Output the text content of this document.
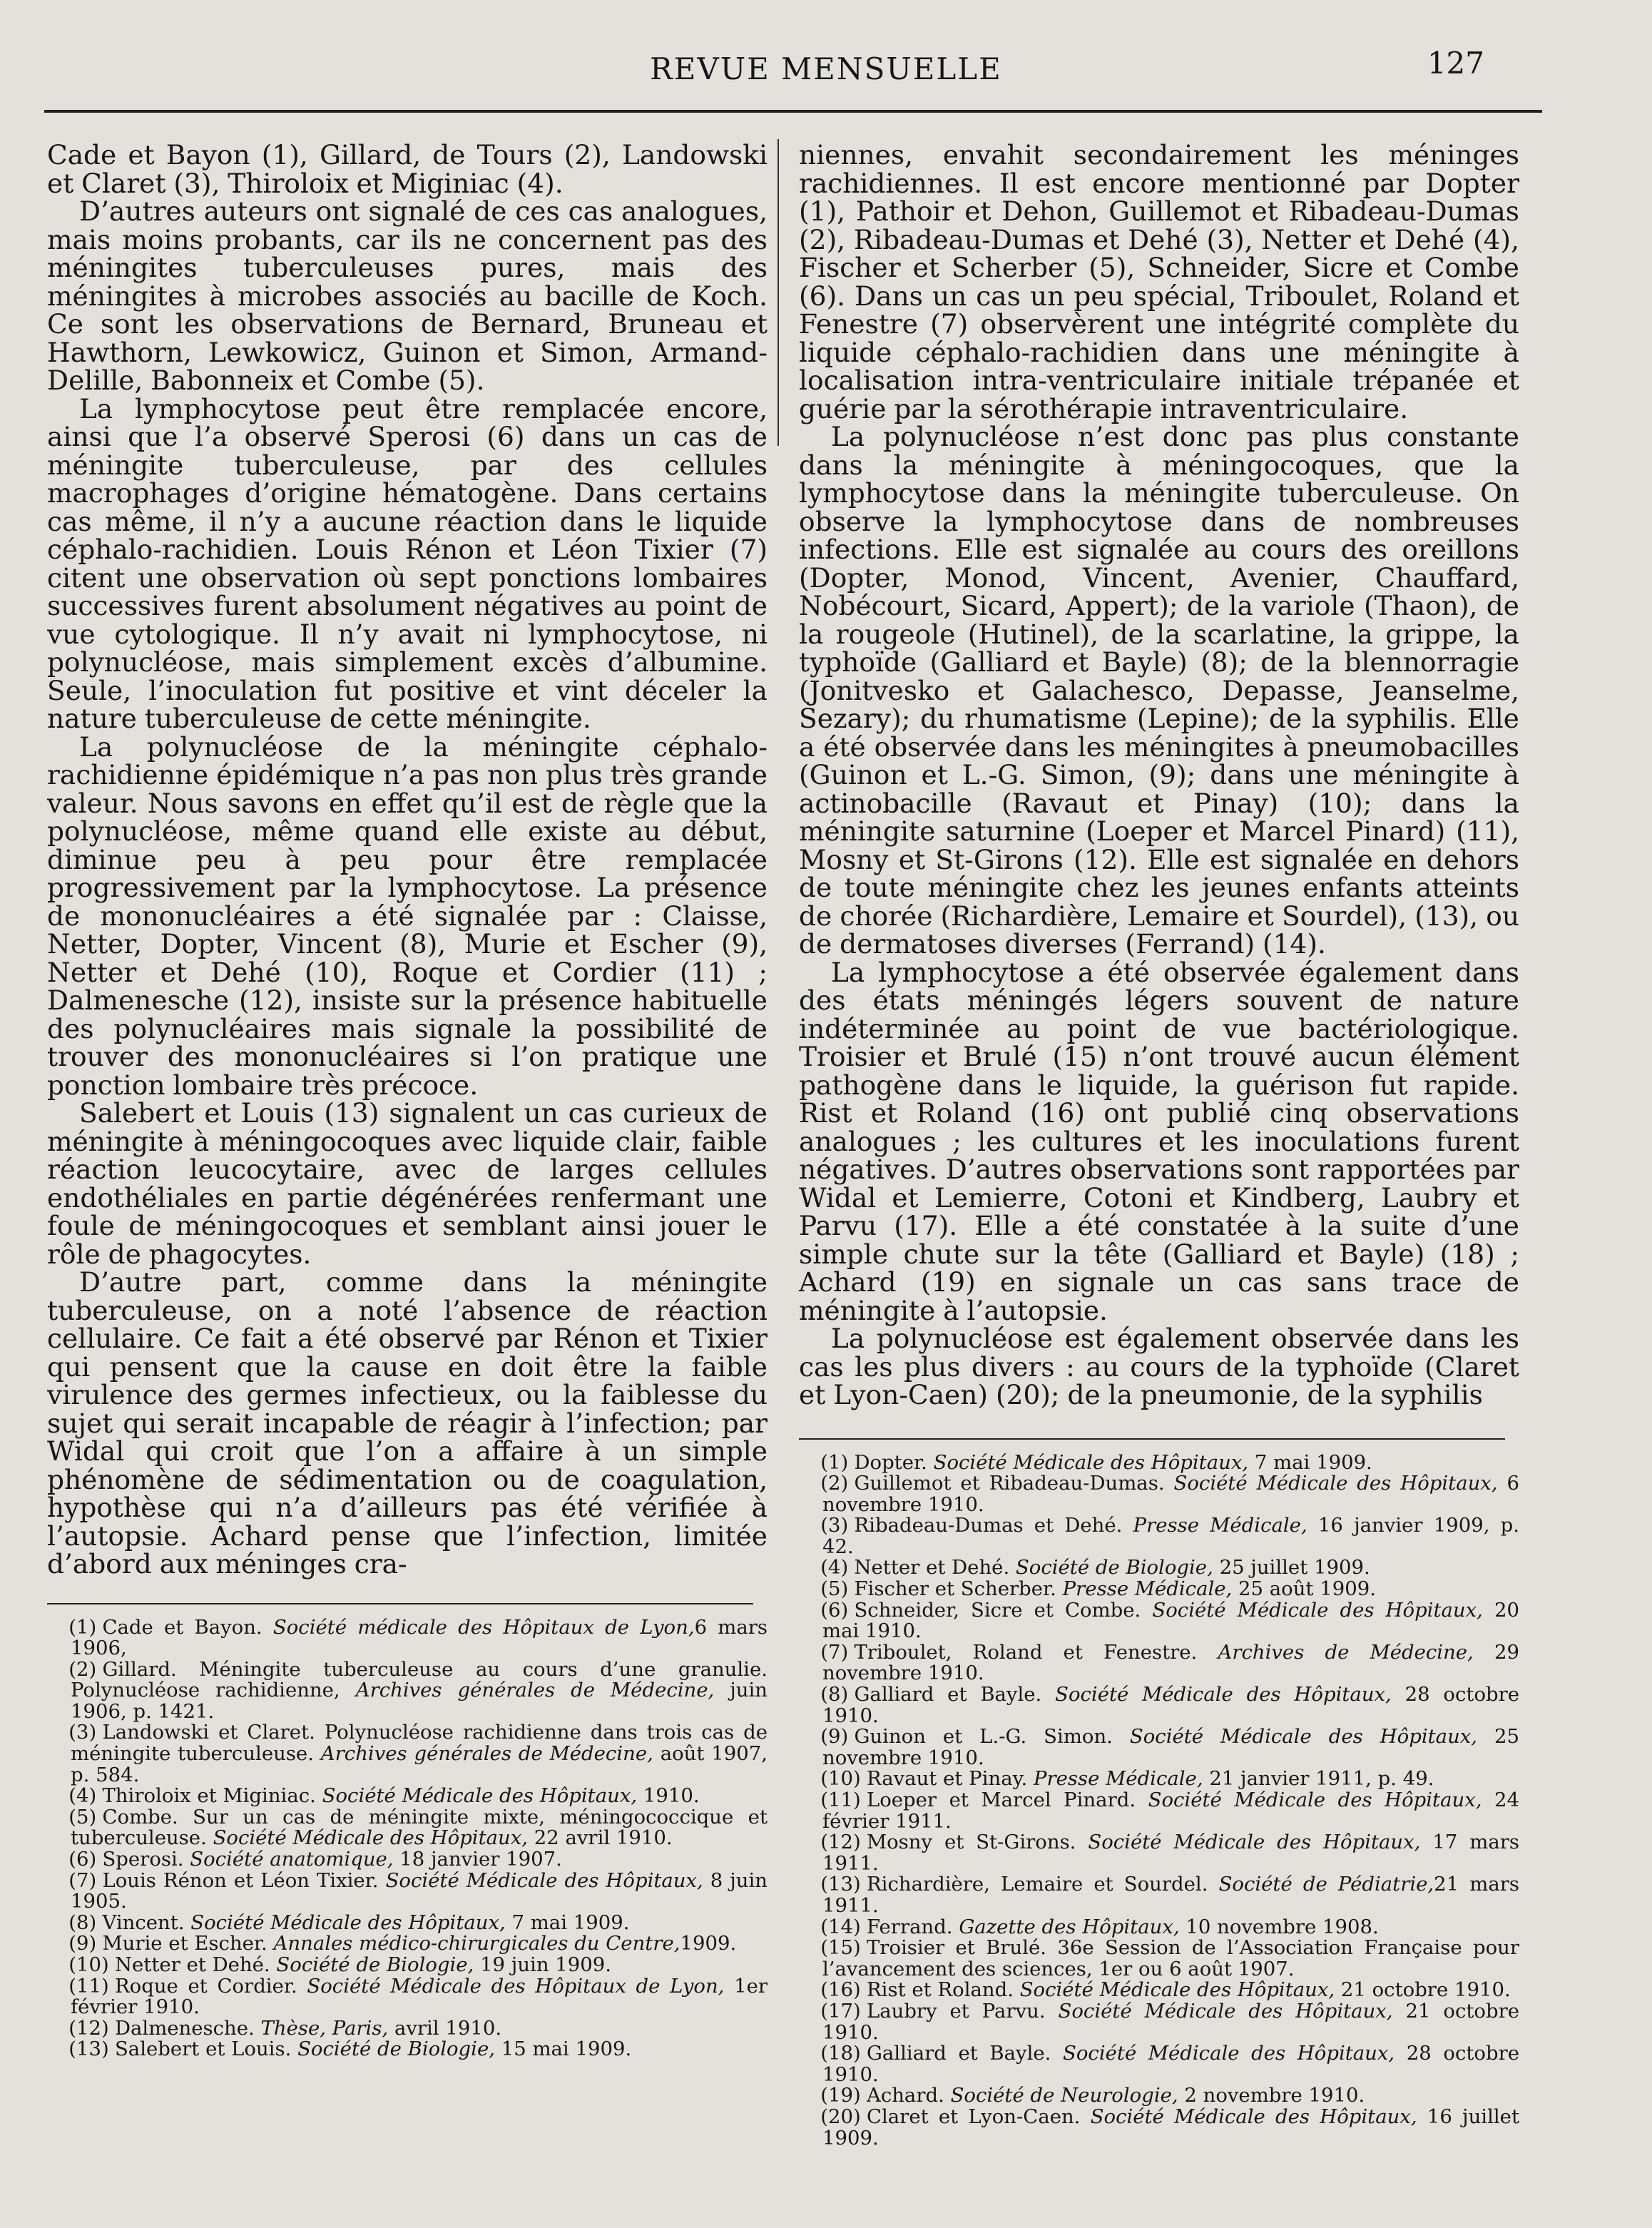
REVUE MENSUELLE	127

Cade et Bayon (1), Gillard, de Tours (2), Landowski et Claret (3), Thiroloix et Miginiac (4).

D’autres auteurs ont signalé de ces cas analogues, mais moins probants, car ils ne concernent pas des méningites tuberculeuses pures, mais des méningites à microbes associés au bacille de Koch. Ce sont les observations de Bernard, Bruneau et Hawthorn, Lewkowicz, Guinon et Simon, Armand-Delille, Babonneix et Combe (5).

La lymphocytose peut être remplacée encore, ainsi que l’a observé Sperosi (6) dans un cas de méningite tuberculeuse, par des cellules macrophages d’origine hématogène. Dans certains cas même, il n’y a aucune réaction dans le liquide céphalo-rachidien. Louis Rénon et Léon Tixier (7) citent une observation où sept ponctions lombaires successives furent absolument négatives au point de vue cytologique. Il n’y avait ni lymphocytose, ni polynucléose, mais simplement excès d’albumine. Seule, l’inoculation fut positive et vint déceler la nature tuberculeuse de cette méningite.

La polynucléose de la méningite céphalo-rachidienne épidémique n’a pas non plus très grande valeur. Nous savons en effet qu’il est de règle que la polynucléose, même quand elle existe au début, diminue peu à peu pour être remplacée progressivement par la lymphocytose. La présence de mononucléaires a été signalée par : Claisse, Netter, Dopter, Vincent (8), Murie et Escher (9), Netter et Dehé (10), Roque et Cordier (11) ; Dalmenesche (12), insiste sur la présence habituelle des polynucléaires mais signale la possibilité de trouver des mononucléaires si l’on pratique une ponction lombaire très précoce.

Salebert et Louis (13) signalent un cas curieux de méningite à méningocoques avec liquide clair, faible réaction leucocytaire, avec de larges cellules endothéliales en partie dégénérées renfermant une foule de méningocoques et semblant ainsi jouer le rôle de phagocytes.

D’autre part, comme dans la méningite tuberculeuse, on a noté l’absence de réaction cellulaire. Ce fait a été observé par Rénon et Tixier qui pensent que la cause en doit être la faible virulence des germes infectieux, ou la faiblesse du sujet qui serait incapable de réagir à l’infection; par Widal qui croit que l’on a affaire à un simple phénomène de sédimentation ou de coagulation, hypothèse qui n’a d’ailleurs pas été vérifiée à l’autopsie. Achard pense que l’infection, limitée d’abord aux méninges cra-

(1) Cade et Bayon. Société médicale des Hôpitaux de Lyon,6 mars 1906,
(2) Gillard. Méningite tuberculeuse au cours d’une granulie. Polynucléose rachidienne, Archives générales de Médecine, juin 1906, p. 1421.
(3) Landowski et Claret. Polynucléose rachidienne dans trois cas de méningite tuberculeuse. Archives générales de Médecine, août 1907, p. 584.
(4) Thiroloix et Miginiac. Société Médicale des Hôpitaux, 1910.
(5) Combe. Sur un cas de méningite mixte, méningococcique et tuberculeuse. Société Médicale des Hôpitaux, 22 avril 1910.
(6) Sperosi. Société anatomique, 18 janvier 1907.
(7) Louis Rénon et Léon Tixier. Société Médicale des Hôpitaux, 8 juin 1905.
(8) Vincent. Société Médicale des Hôpitaux, 7 mai 1909.
(9) Murie et Escher. Annales médico-chirurgicales du Centre,1909.
(10) Netter et Dehé. Société de Biologie, 19 juin 1909.
(11) Roque et Cordier. Société Médicale des Hôpitaux de Lyon, 1er février 1910.
(12) Dalmenesche. Thèse, Paris, avril 1910.
(13) Salebert et Louis. Société de Biologie, 15 mai 1909.

niennes, envahit secondairement les méninges rachidiennes. Il est encore mentionné par Dopter (1), Pathoir et Dehon, Guillemot et Ribadeau-Dumas (2), Ribadeau-Dumas et Dehé (3), Netter et Dehé (4), Fischer et Scherber (5), Schneider, Sicre et Combe (6). Dans un cas un peu spécial, Triboulet, Roland et Fenestre (7) observèrent une intégrité complète du liquide céphalo-rachidien dans une méningite à localisation intra-ventriculaire initiale trépanée et guérie par la sérothérapie intraventriculaire.

La polynucléose n’est donc pas plus constante dans la méningite à méningocoques, que la lymphocytose dans la méningite tuberculeuse. On observe la lymphocytose dans de nombreuses infections. Elle est signalée au cours des oreillons (Dopter, Monod, Vincent, Avenier, Chauffard, Nobécourt, Sicard, Appert); de la variole (Thaon), de la rougeole (Hutinel), de la scarlatine, la grippe, la typhoïde (Galliard et Bayle) (8); de la blennorragie (Jonitvesko et Galachesco, Depasse, Jeanselme, Sezary); du rhumatisme (Lepine); de la syphilis. Elle a été observée dans les méningites à pneumobacilles (Guinon et L.-G. Simon, (9); dans une méningite à actinobacille (Ravaut et Pinay) (10); dans la méningite saturnine (Loeper et Marcel Pinard) (11), Mosny et St-Girons (12). Elle est signalée en dehors de toute méningite chez les jeunes enfants atteints de chorée (Richardière, Lemaire et Sourdel), (13), ou de dermatoses diverses (Ferrand) (14).

La lymphocytose a été observée également dans des états méningés légers souvent de nature indéterminée au point de vue bactériologique. Troisier et Brulé (15) n’ont trouvé aucun élément pathogène dans le liquide, la guérison fut rapide. Rist et Roland (16) ont publié cinq observations analogues ; les cultures et les inoculations furent négatives. D’autres observations sont rapportées par Widal et Lemierre, Cotoni et Kindberg, Laubry et Parvu (17). Elle a été constatée à la suite d’une simple chute sur la tête (Galliard et Bayle) (18) ; Achard (19) en signale un cas sans trace de méningite à l’autopsie.

La polynucléose est également observée dans les cas les plus divers : au cours de la typhoïde (Claret et Lyon-Caen) (20); de la pneumonie, de la syphilis

(1) Dopter. Société Médicale des Hôpitaux, 7 mai 1909.
(2) Guillemot et Ribadeau-Dumas. Société Médicale des Hôpitaux, 6 novembre 1910.
(3) Ribadeau-Dumas et Dehé. Presse Médicale, 16 janvier 1909, p. 42.
(4) Netter et Dehé. Société de Biologie, 25 juillet 1909.
(5) Fischer et Scherber. Presse Médicale, 25 août 1909.
(6) Schneider, Sicre et Combe. Société Médicale des Hôpitaux, 20 mai 1910.
(7) Triboulet, Roland et Fenestre. Archives de Médecine, 29 novembre 1910.
(8) Galliard et Bayle. Société Médicale des Hôpitaux, 28 octobre 1910.
(9) Guinon et L.-G. Simon. Société Médicale des Hôpitaux, 25 novembre 1910.
(10) Ravaut et Pinay. Presse Médicale, 21 janvier 1911, p. 49.
(11) Loeper et Marcel Pinard. Société Médicale des Hôpitaux, 24 février 1911.
(12) Mosny et St-Girons. Société Médicale des Hôpitaux, 17 mars 1911.
(13) Richardière, Lemaire et Sourdel. Société de Pédiatrie,21 mars 1911.
(14) Ferrand. Gazette des Hôpitaux, 10 novembre 1908.
(15) Troisier et Brulé. 36e Session de l’Association Française pour l’avancement des sciences, 1er ou 6 août 1907.
(16) Rist et Roland. Société Médicale des Hôpitaux, 21 octobre 1910.
(17) Laubry et Parvu. Société Médicale des Hôpitaux, 21 octobre 1910.
(18) Galliard et Bayle. Société Médicale des Hôpitaux, 28 octobre 1910.
(19) Achard. Société de Neurologie, 2 novembre 1910.
(20) Claret et Lyon-Caen. Société Médicale des Hôpitaux, 16 juillet 1909.
